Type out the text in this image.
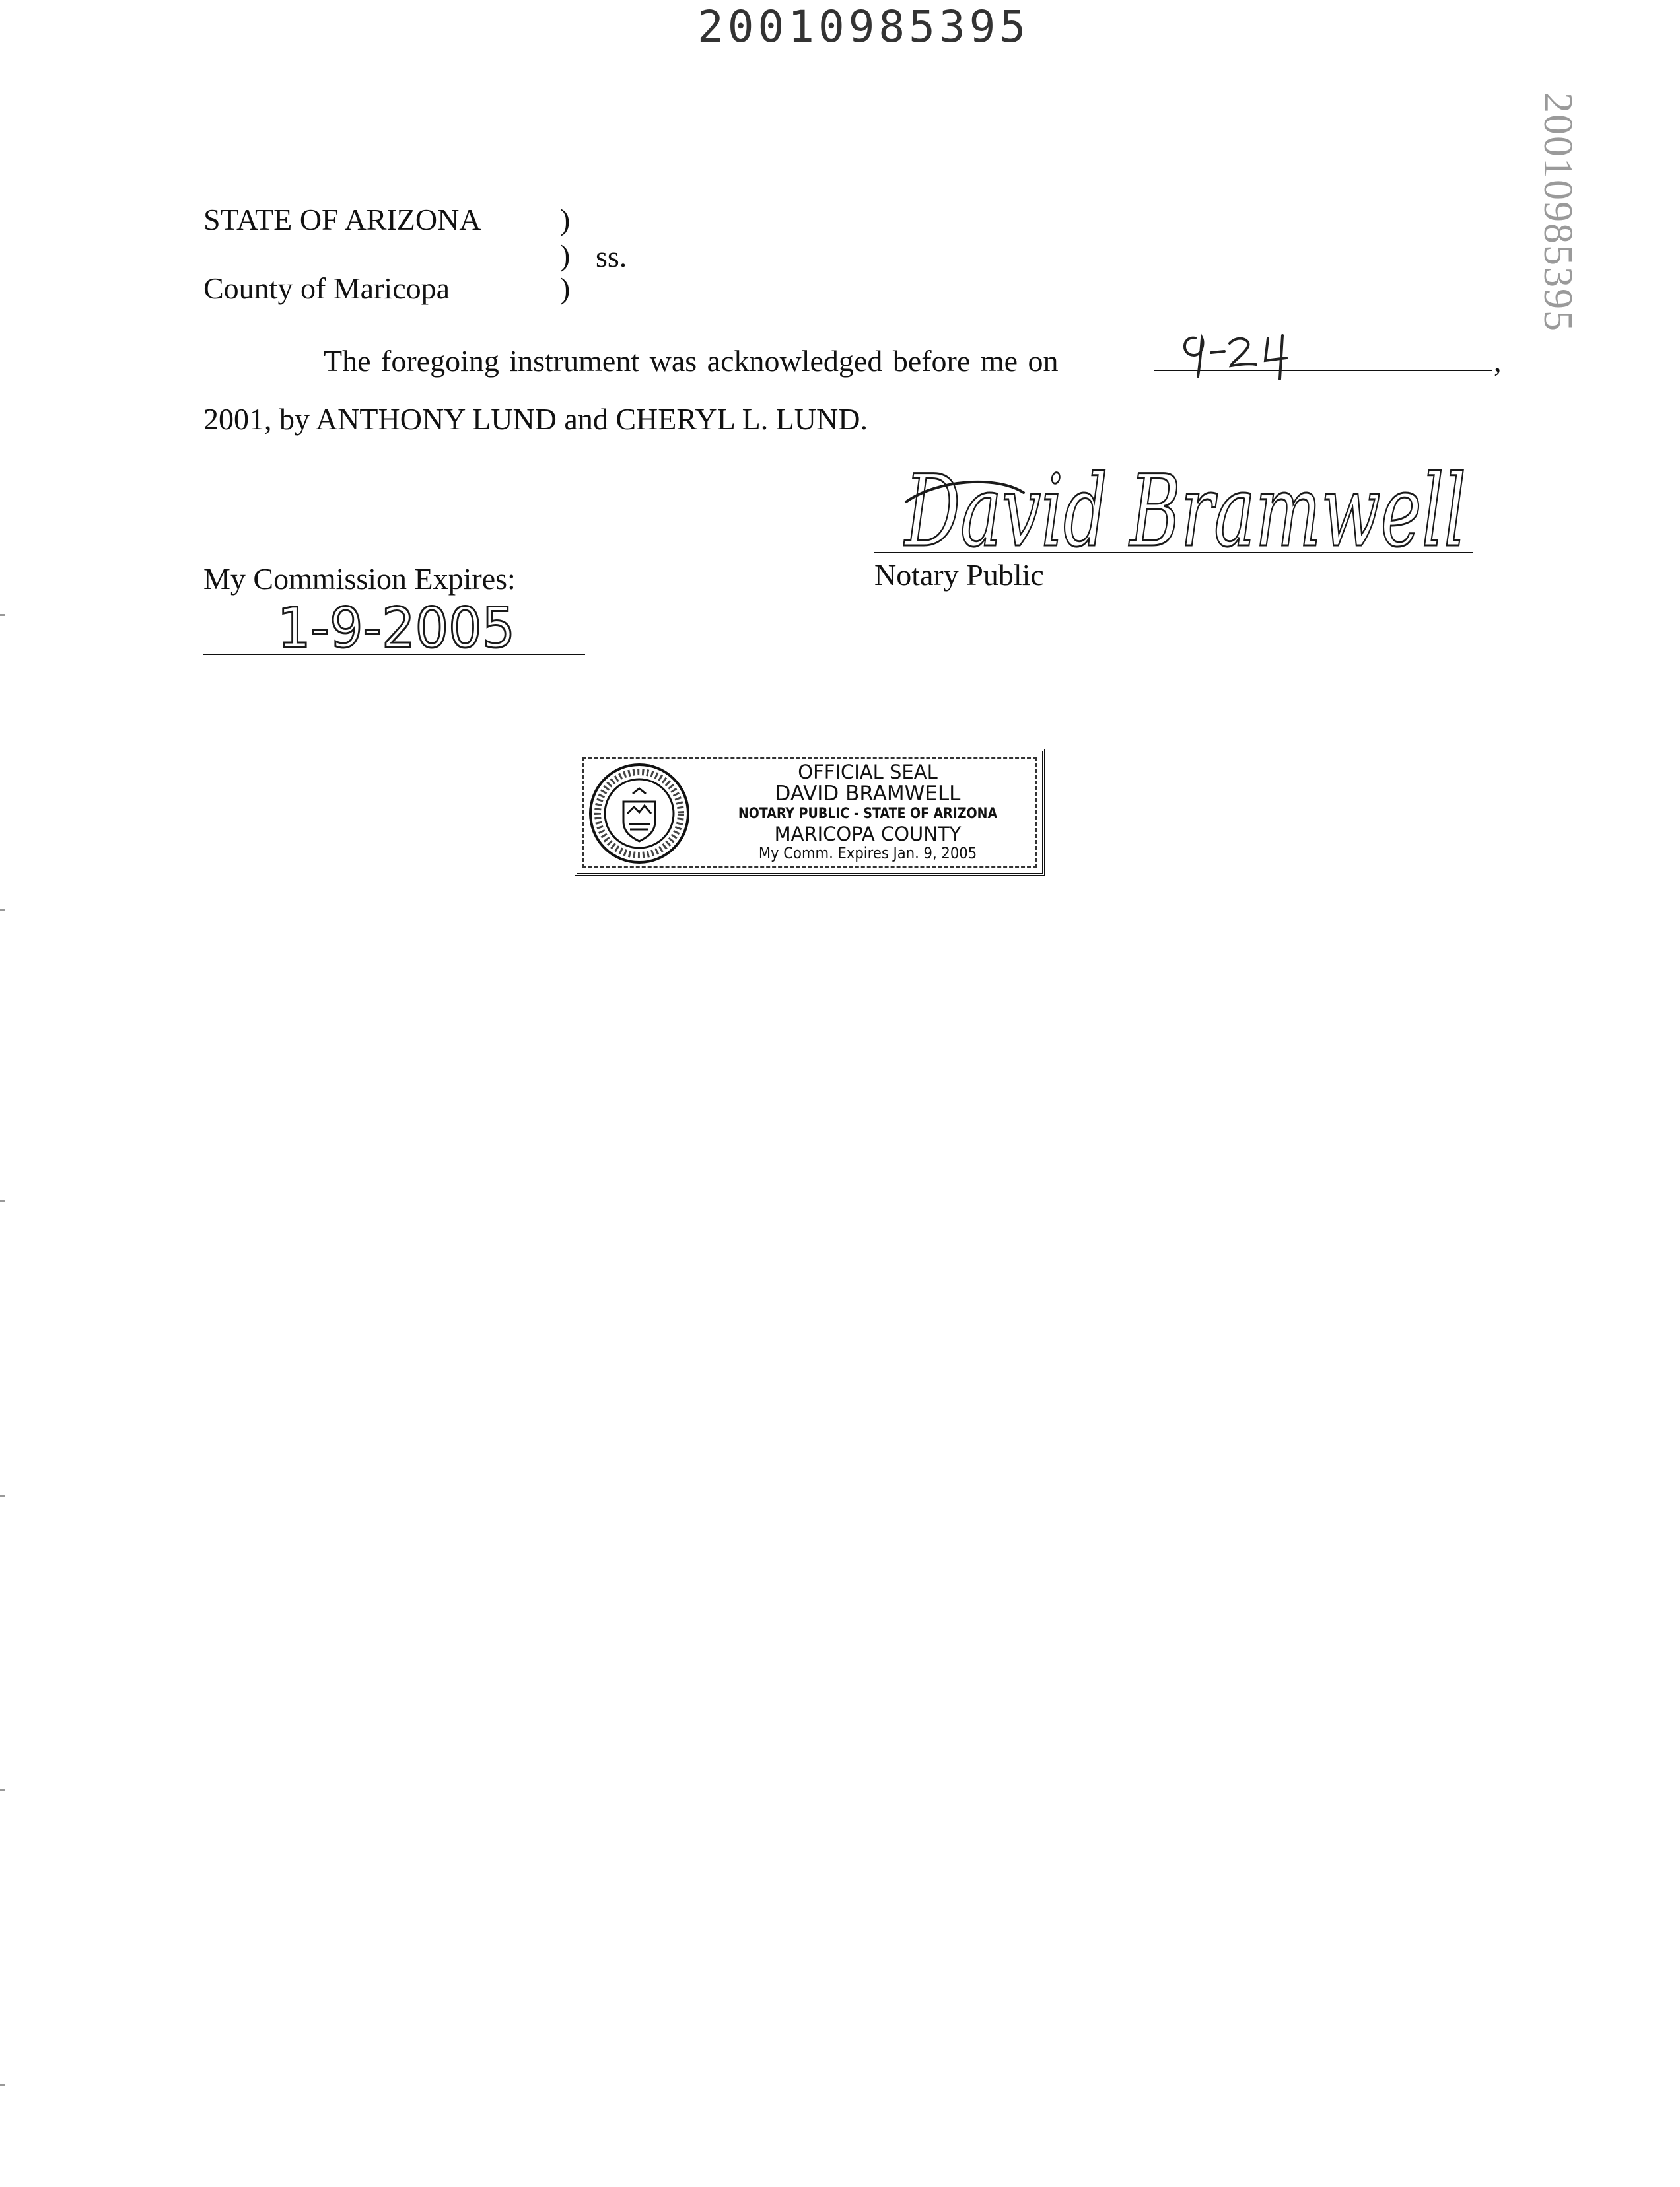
20010985395
20010985395
STATE OF ARIZONA	)
) ss.
County of Maricopa	)
The foregoing instrument was acknowledged before me on	,
2001, by ANTHONY LUND and CHERYL L. LUND.
David Bramwell
Notary Public
My Commission Expires:
1-9-2005
OFFICIAL SEAL
DAVID BRAMWELL
NOTARY PUBLIC - STATE OF ARIZONA
MARICOPA COUNTY
My Comm. Expires Jan. 9, 2005
